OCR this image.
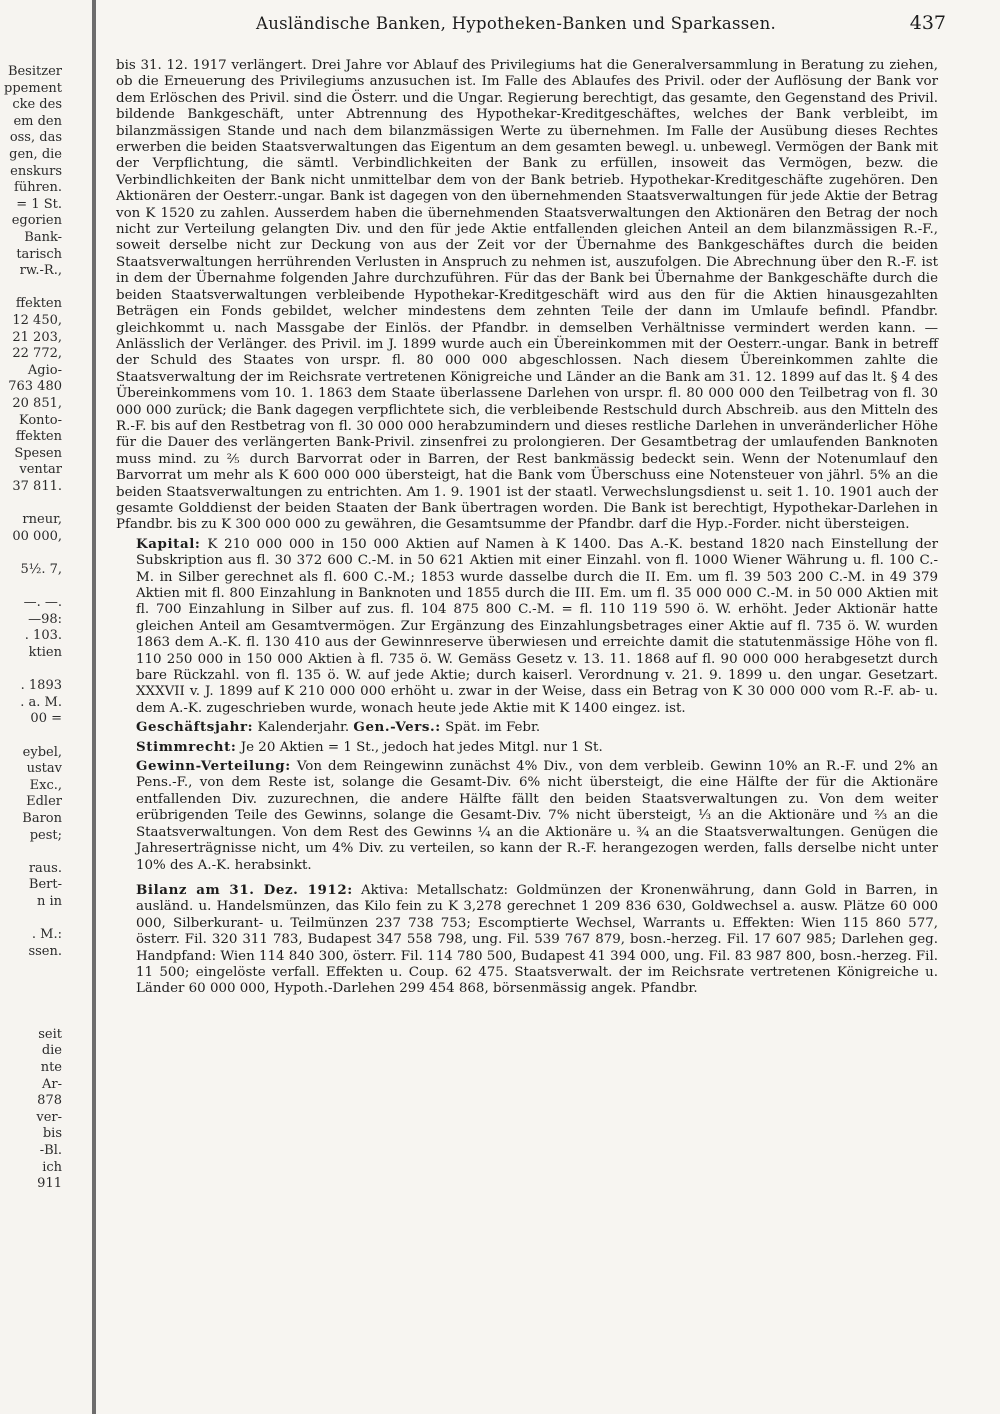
Besitzer
ppement
cke des
em den
oss, das
gen, die
enskurs
führen.
= 1 St.
egorien
Bank-
tarisch
rw.-R.,
ffekten
12 450,
21 203,
22 772,
Agio-
763 480
20 851,
Konto-
ffekten
Spesen
ventar
37 811.
rneur,
00 000,
5½. 7,
—. —.
—98:
. 103.
ktien
. 1893
. a. M.
00 =
eybel,
ustav
Exc.,
Edler
Baron
pest;
raus.
Bert-
n in
. M.:
ssen.
seit
die
nte
Ar-
878
ver-
bis
-Bl.
ich
911
Ausländische Banken, Hypotheken-Banken und Sparkassen.	437

bis 31. 12. 1917 verlängert. Drei Jahre vor Ablauf des Privilegiums hat die Generalversammlung in Beratung zu ziehen, ob die Erneuerung des Privilegiums anzusuchen ist. Im Falle des Ablaufes des Privil. oder der Auflösung der Bank vor dem Erlöschen des Privil. sind die Österr. und die Ungar. Regierung berechtigt, das gesamte, den Gegenstand des Privil. bildende Bankgeschäft, unter Abtrennung des Hypothekar-Kreditgeschäftes, welches der Bank verbleibt, im bilanzmässigen Stande und nach dem bilanzmässigen Werte zu übernehmen. Im Falle der Ausübung dieses Rechtes erwerben die beiden Staatsverwaltungen das Eigentum an dem gesamten bewegl. u. unbewegl. Vermögen der Bank mit der Verpflichtung, die sämtl. Verbindlichkeiten der Bank zu erfüllen, insoweit das Vermögen, bezw. die Verbindlichkeiten der Bank nicht unmittelbar dem von der Bank betrieb. Hypothekar-Kreditgeschäfte zugehören. Den Aktionären der Oesterr.-ungar. Bank ist dagegen von den übernehmenden Staatsverwaltungen für jede Aktie der Betrag von K 1520 zu zahlen. Ausserdem haben die übernehmenden Staatsverwaltungen den Aktionären den Betrag der noch nicht zur Verteilung gelangten Div. und den für jede Aktie entfallenden gleichen Anteil an dem bilanzmässigen R.-F., soweit derselbe nicht zur Deckung von aus der Zeit vor der Übernahme des Bankgeschäftes durch die beiden Staatsverwaltungen herrührenden Verlusten in Anspruch zu nehmen ist, auszufolgen. Die Abrechnung über den R.-F. ist in dem der Übernahme folgenden Jahre durchzuführen. Für das der Bank bei Übernahme der Bankgeschäfte durch die beiden Staatsverwaltungen verbleibende Hypothekar-Kreditgeschäft wird aus den für die Aktien hinausgezahlten Beträgen ein Fonds gebildet, welcher mindestens dem zehnten Teile der dann im Umlaufe befindl. Pfandbr. gleichkommt u. nach Massgabe der Einlös. der Pfandbr. in demselben Verhältnisse vermindert werden kann. — Anlässlich der Verlänger. des Privil. im J. 1899 wurde auch ein Übereinkommen mit der Oesterr.-ungar. Bank in betreff der Schuld des Staates von urspr. fl. 80 000 000 abgeschlossen. Nach diesem Übereinkommen zahlte die Staatsverwaltung der im Reichsrate vertretenen Königreiche und Länder an die Bank am 31. 12. 1899 auf das lt. § 4 des Übereinkommens vom 10. 1. 1863 dem Staate überlassene Darlehen von urspr. fl. 80 000 000 den Teilbetrag von fl. 30 000 000 zurück; die Bank dagegen verpflichtete sich, die verbleibende Restschuld durch Abschreib. aus den Mitteln des R.-F. bis auf den Restbetrag von fl. 30 000 000 herabzumindern und dieses restliche Darlehen in unveränderlicher Höhe für die Dauer des verlängerten Bank-Privil. zinsenfrei zu prolongieren. Der Gesamtbetrag der umlaufenden Banknoten muss mind. zu ⅖ durch Barvorrat oder in Barren, der Rest bankmässig bedeckt sein. Wenn der Notenumlauf den Barvorrat um mehr als K 600 000 000 übersteigt, hat die Bank vom Überschuss eine Notensteuer von jährl. 5% an die beiden Staatsverwaltungen zu entrichten. Am 1. 9. 1901 ist der staatl. Verwechslungsdienst u. seit 1. 10. 1901 auch der gesamte Golddienst der beiden Staaten der Bank übertragen worden. Die Bank ist berechtigt, Hypothekar-Darlehen in Pfandbr. bis zu K 300 000 000 zu gewähren, die Gesamtsumme der Pfandbr. darf die Hyp.-Forder. nicht übersteigen.

Kapital: K 210 000 000 in 150 000 Aktien auf Namen à K 1400. Das A.-K. bestand 1820 nach Einstellung der Subskription aus fl. 30 372 600 C.-M. in 50 621 Aktien mit einer Einzahl. von fl. 1000 Wiener Währung u. fl. 100 C.-M. in Silber gerechnet als fl. 600 C.-M.; 1853 wurde dasselbe durch die II. Em. um fl. 39 503 200 C.-M. in 49 379 Aktien mit fl. 800 Einzahlung in Banknoten und 1855 durch die III. Em. um fl. 35 000 000 C.-M. in 50 000 Aktien mit fl. 700 Einzahlung in Silber auf zus. fl. 104 875 800 C.-M. = fl. 110 119 590 ö. W. erhöht. Jeder Aktionär hatte gleichen Anteil am Gesamtvermögen. Zur Ergänzung des Einzahlungsbetrages einer Aktie auf fl. 735 ö. W. wurden 1863 dem A.-K. fl. 130 410 aus der Gewinnreserve überwiesen und erreichte damit die statutenmässige Höhe von fl. 110 250 000 in 150 000 Aktien à fl. 735 ö. W. Gemäss Gesetz v. 13. 11. 1868 auf fl. 90 000 000 herabgesetzt durch bare Rückzahl. von fl. 135 ö. W. auf jede Aktie; durch kaiserl. Verordnung v. 21. 9. 1899 u. den ungar. Gesetzart. XXXVII v. J. 1899 auf K 210 000 000 erhöht u. zwar in der Weise, dass ein Betrag von K 30 000 000 vom R.-F. ab- u. dem A.-K. zugeschrieben wurde, wonach heute jede Aktie mit K 1400 eingez. ist.

Geschäftsjahr: Kalenderjahr. Gen.-Vers.: Spät. im Febr.

Stimmrecht: Je 20 Aktien = 1 St., jedoch hat jedes Mitgl. nur 1 St.

Gewinn-Verteilung: Von dem Reingewinn zunächst 4% Div., von dem verbleib. Gewinn 10% an R.-F. und 2% an Pens.-F., von dem Reste ist, solange die Gesamt-Div. 6% nicht übersteigt, die eine Hälfte der für die Aktionäre entfallenden Div. zuzurechnen, die andere Hälfte fällt den beiden Staatsverwaltungen zu. Von dem weiter erübrigenden Teile des Gewinns, solange die Gesamt-Div. 7% nicht übersteigt, ⅓ an die Aktionäre und ⅔ an die Staatsverwaltungen. Von dem Rest des Gewinns ¼ an die Aktionäre u. ¾ an die Staatsverwaltungen. Genügen die Jahreserträgnisse nicht, um 4% Div. zu verteilen, so kann der R.-F. herangezogen werden, falls derselbe nicht unter 10% des A.-K. herabsinkt.

Bilanz am 31. Dez. 1912: Aktiva: Metallschatz: Goldmünzen der Kronenwährung, dann Gold in Barren, in ausländ. u. Handelsmünzen, das Kilo fein zu K 3,278 gerechnet 1 209 836 630, Goldwechsel a. ausw. Plätze 60 000 000, Silberkurant- u. Teilmünzen 237 738 753; Escomptierte Wechsel, Warrants u. Effekten: Wien 115 860 577, österr. Fil. 320 311 783, Budapest 347 558 798, ung. Fil. 539 767 879, bosn.-herzeg. Fil. 17 607 985; Darlehen geg. Handpfand: Wien 114 840 300, österr. Fil. 114 780 500, Budapest 41 394 000, ung. Fil. 83 987 800, bosn.-herzeg. Fil. 11 500; eingelöste verfall. Effekten u. Coup. 62 475. Staatsverwalt. der im Reichsrate vertretenen Königreiche u. Länder 60 000 000, Hypoth.-Darlehen 299 454 868, börsenmässig angek. Pfandbr.
